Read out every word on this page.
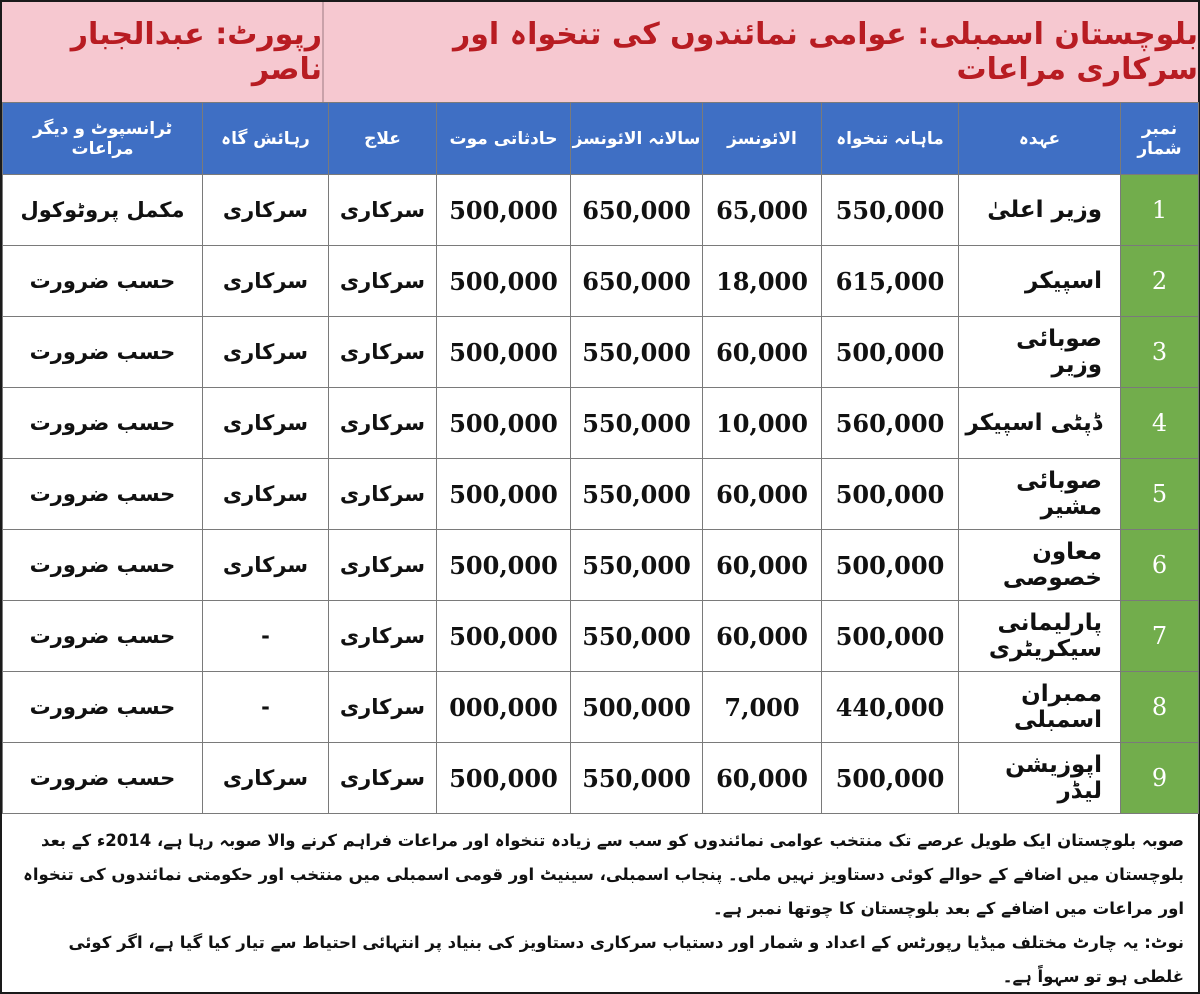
رپورٹ: عبدالجبار ناصر
بلوچستان اسمبلی: عوامی نمائندوں کی تنخواہ اور سرکاری مراعات
نمبر شمار	عہدہ	ماہانہ تنخواہ	الائونسز	سالانہ الائونسز	حادثاتی موت	علاج	رہائش گاہ	ٹرانسپوٹ و دیگر مراعات
1	وزیر اعلیٰ	550,000	65,000	650,000	500,000	سرکاری	سرکاری	مکمل پروٹوکول
2	اسپیکر	615,000	18,000	650,000	500,000	سرکاری	سرکاری	حسب ضرورت
3	صوبائی وزیر	500,000	60,000	550,000	500,000	سرکاری	سرکاری	حسب ضرورت
4	ڈپٹی اسپیکر	560,000	10,000	550,000	500,000	سرکاری	سرکاری	حسب ضرورت
5	صوبائی مشیر	500,000	60,000	550,000	500,000	سرکاری	سرکاری	حسب ضرورت
6	معاون خصوصی	500,000	60,000	550,000	500,000	سرکاری	سرکاری	حسب ضرورت
7	پارلیمانی سیکریٹری	500,000	60,000	550,000	500,000	سرکاری	-	حسب ضرورت
8	ممبران اسمبلی	440,000	7,000	500,000	000,000	سرکاری	-	حسب ضرورت
9	اپوزیشن لیڈر	500,000	60,000	550,000	500,000	سرکاری	سرکاری	حسب ضرورت

صوبہ بلوچستان ایک طویل عرصے تک منتخب عوامی نمائندوں کو سب سے زیادہ تنخواہ اور مراعات فراہم کرنے والا صوبہ رہا ہے، 2014ء کے بعد بلوچستان میں اضافے کے حوالے کوئی دستاویز نہیں ملی۔ پنجاب اسمبلی، سینیٹ اور قومی اسمبلی میں منتخب اور حکومتی نمائندوں کی تنخواہ اور مراعات میں اضافے کے بعد بلوچستان کا چوتھا نمبر ہے۔

نوٹ: یہ چارٹ مختلف میڈیا رپورٹس کے اعداد و شمار اور دستیاب سرکاری دستاویز کی بنیاد پر انتہائی احتیاط سے تیار کیا گیا ہے، اگر کوئی غلطی ہو تو سہواً ہے۔
